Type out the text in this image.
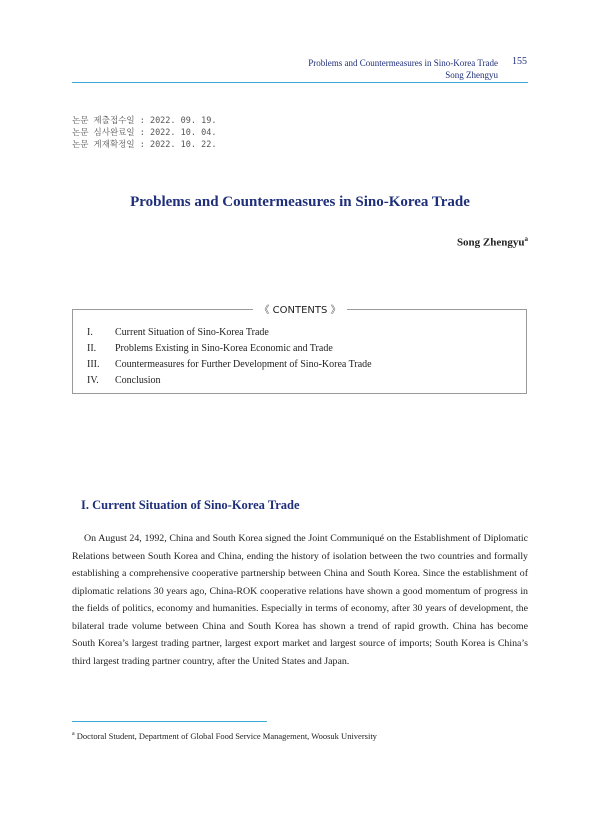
Problems and Countermeasures in Sino-Korea Trade
Song Zhengyu
155
논문 제출접수일 : 2022. 09. 19.
논문 심사완료일 : 2022. 10. 04.
논문 게재확정일 : 2022. 10. 22.
Problems and Countermeasures in Sino-Korea Trade
Song Zhengyu$^a$
《 CONTENTS 》
I.	Current Situation of Sino-Korea Trade
II.	Problems Existing in Sino-Korea Economic and Trade
III.	Countermeasures for Further Development of Sino-Korea Trade
IV.	Conclusion
I. Current Situation of Sino-Korea Trade

On August 24, 1992, China and South Korea signed the Joint Communiqué on the Establishment of Diplomatic Relations between South Korea and China, ending the history of isolation between the two countries and formally establishing a comprehensive cooperative partnership between China and South Korea. Since the establishment of diplomatic relations 30 years ago, China-ROK cooperative relations have shown a good momentum of progress in the fields of politics, economy and humanities. Especially in terms of economy, after 30 years of development, the bilateral trade volume between China and South Korea has shown a trend of rapid growth. China has become South Korea’s largest trading partner, largest export market and largest source of imports; South Korea is China’s third largest trading partner country, after the United States and Japan.

$^a$ Doctoral Student, Department of Global Food Service Management, Woosuk University
